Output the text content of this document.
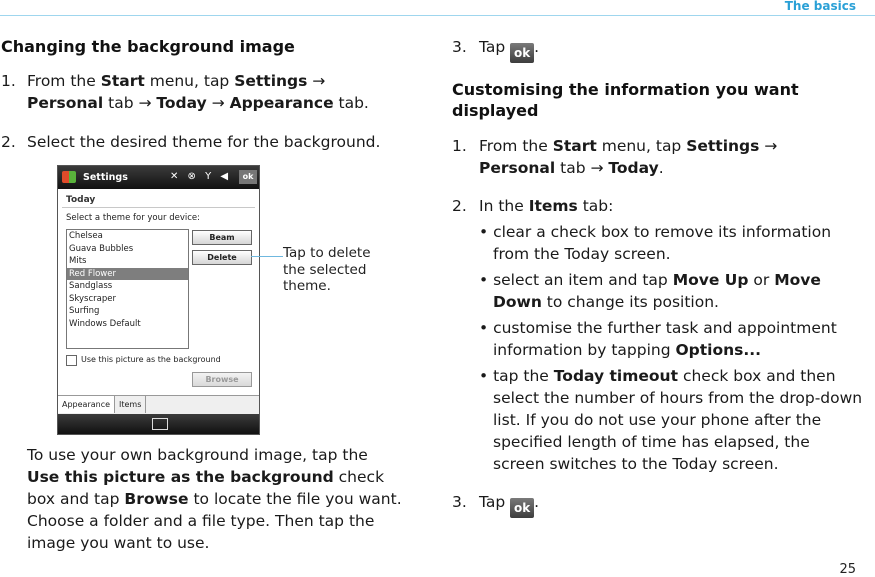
The basics
Changing the background image
1. From the Start menu, tap Settings →
Personal tab → Today → Appearance tab.
2. Select the desired theme for the background.
Settings	✕ ⊗ Y ◀	ok
Today
Select a theme for your device:
Chelsea
Guava Bubbles
Mits
Red Flower
Sandglass
Skyscraper
Surfing
Windows Default
Beam
Delete
Use this picture as the background
Browse
Appearance	Items
Tap to delete the selected theme.
To use your own background image, tap the Use this picture as the background check box and tap Browse to locate the file you want. Choose a folder and a file type. Then tap the image you want to use.
3. Tap ok .
Customising the information you want displayed
1. From the Start menu, tap Settings →
Personal tab → Today.
2. In the Items tab:
• clear a check box to remove its information from the Today screen.
• select an item and tap Move Up or Move Down to change its position.
• customise the further task and appointment information by tapping Options...
• tap the Today timeout check box and then select the number of hours from the drop-down list. If you do not use your phone after the specified length of time has elapsed, the screen switches to the Today screen.
3. Tap ok .
25
